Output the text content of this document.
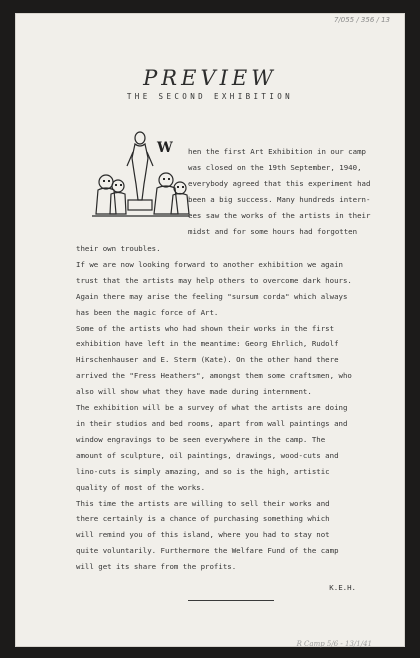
7/055 / 356 / 13
PREVIEW
THE SECOND EXHIBITION
W hen the first Art Exhibition in our camp
was closed on the 19th September, 1940,
everybody agreed that this experiment had
been a big success. Many hundreds intern-
ees saw the works of the artists in their
midst and for some hours had forgotten
their own troubles.
If we are now looking forward to another exhibition we again
trust that the artists may help others to overcome dark hours.
Again there may arise the feeling "sursum corda" which always
has been the magic force of Art.
Some of the artists who had shown their works in the first
exhibition have left in the meantime: Georg Ehrlich, Rudolf
Hirschenhauser and E. Sterm (Kate). On the other hand there
arrived the "Fress Heathers", amongst them some craftsmen, who
also will show what they have made during internment.
The exhibition will be a survey of what the artists are doing
in their studios and bed rooms, apart from wall paintings and
window engravings to be seen everywhere in the camp. The
amount of sculpture, oil paintings, drawings, wood-cuts and
lino-cuts is simply amazing, and so is the high, artistic
quality of most of the works.
This time the artists are willing to sell their works and
there certainly is a chance of purchasing something which
will remind you of this island, where you had to stay not
quite voluntarily. Furthermore the Welfare Fund of the camp
will get its share from the profits.
K.E.H.
R Camp 5/6 - 13/1/41
